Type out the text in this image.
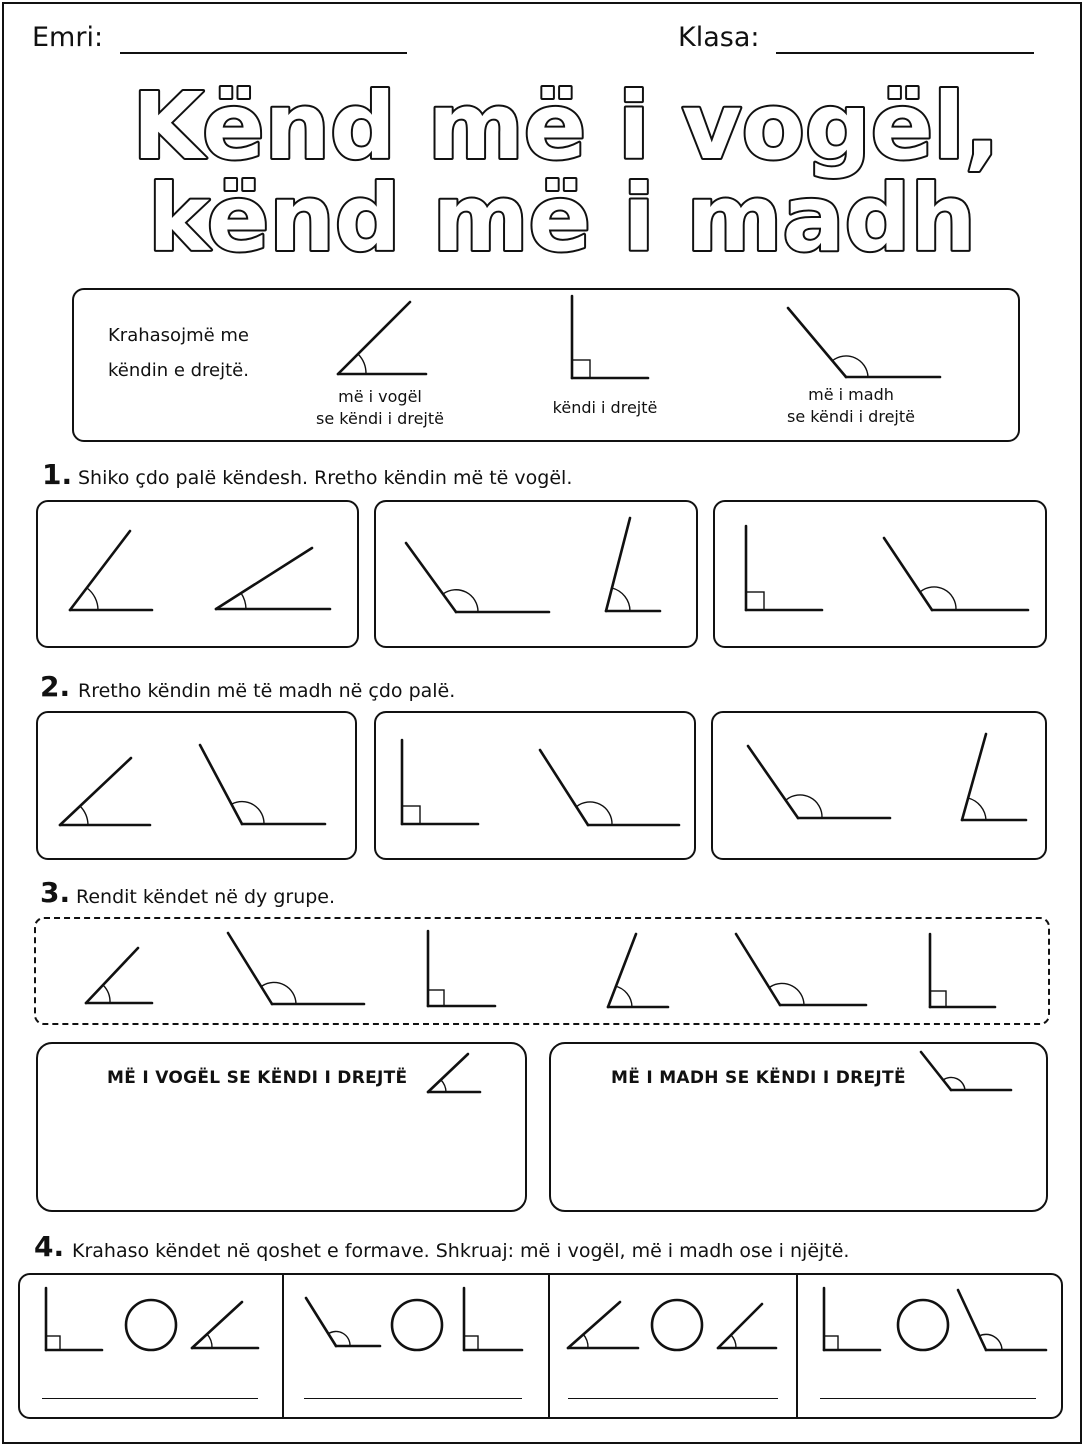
Emri:	Klasa:
Kënd më i vogël,
kënd më i madh
Krahasojmë me
këndin e drejtë.
më i vogël
se këndi i drejtë
këndi i drejtë
më i madh
se këndi i drejtë
1. Shiko çdo palë këndesh. Rretho këndin më të vogël.
2. Rretho këndin më të madh në çdo palë.
3. Rendit këndet në dy grupe.
MË I VOGËL SE KËNDI I DREJTË	MË I MADH SE KËNDI I DREJTË
4. Krahaso këndet në qoshet e formave. Shkruaj: më i vogël, më i madh ose i njëjtë.
